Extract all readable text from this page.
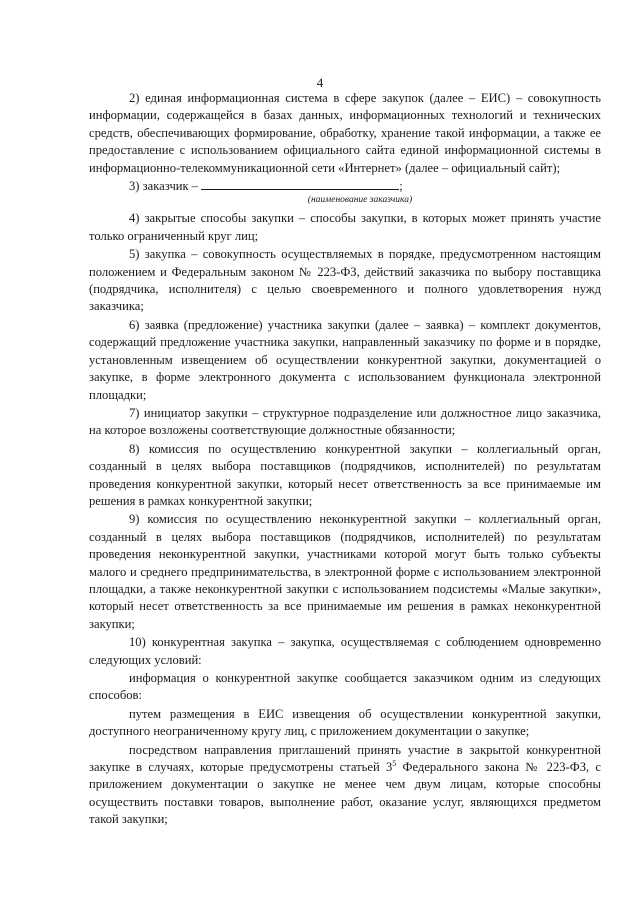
4

2) единая информационная система в сфере закупок (далее – ЕИС) – совокупность информации, содержащейся в базах данных, информационных технологий и технических средств, обеспечивающих формирование, обработку, хранение такой информации, а также ее предоставление с использованием официального сайта единой информационной системы в информационно-телекоммуникационной сети «Интернет» (далее – официальный сайт);

3) заказчик –	;

(наименование заказчика)

4) закрытые способы закупки – способы закупки, в которых может принять участие только ограниченный круг лиц;

5) закупка – совокупность осуществляемых в порядке, предусмотренном настоящим положением и Федеральным законом № 223-ФЗ, действий заказчика по выбору поставщика (подрядчика, исполнителя) с целью своевременного и полного удовлетворения нужд заказчика;

6) заявка (предложение) участника закупки (далее – заявка) – комплект документов, содержащий предложение участника закупки, направленный заказчику по форме и в порядке, установленным извещением об осуществлении конкурентной закупки, документацией о закупке, в форме электронного документа с использованием функционала электронной площадки;

7) инициатор закупки – структурное подразделение или должностное лицо заказчика, на которое возложены соответствующие должностные обязанности;

8) комиссия по осуществлению конкурентной закупки – коллегиальный орган, созданный в целях выбора поставщиков (подрядчиков, исполнителей) по результатам проведения конкурентной закупки, который несет ответственность за все принимаемые им решения в рамках конкурентной закупки;

9) комиссия по осуществлению неконкурентной закупки – коллегиальный орган, созданный в целях выбора поставщиков (подрядчиков, исполнителей) по результатам проведения неконкурентной закупки, участниками которой могут быть только субъекты малого и среднего предпринимательства, в электронной форме с использованием электронной площадки, а также неконкурентной закупки с использованием подсистемы «Малые закупки», который несет ответственность за все принимаемые им решения в рамках неконкурентной закупки;

10) конкурентная закупка – закупка, осуществляемая с соблюдением одновременно следующих условий:

информация о конкурентной закупке сообщается заказчиком одним из следующих способов:

путем размещения в ЕИС извещения об осуществлении конкурентной закупки, доступного неограниченному кругу лиц, с приложением документации о закупке;

посредством направления приглашений принять участие в закрытой конкурентной закупке в случаях, которые предусмотрены статьей $3^5$ Федерального закона № 223-ФЗ, с приложением документации о закупке не менее чем двум лицам, которые способны осуществить поставки товаров, выполнение работ, оказание услуг, являющихся предметом такой закупки;
